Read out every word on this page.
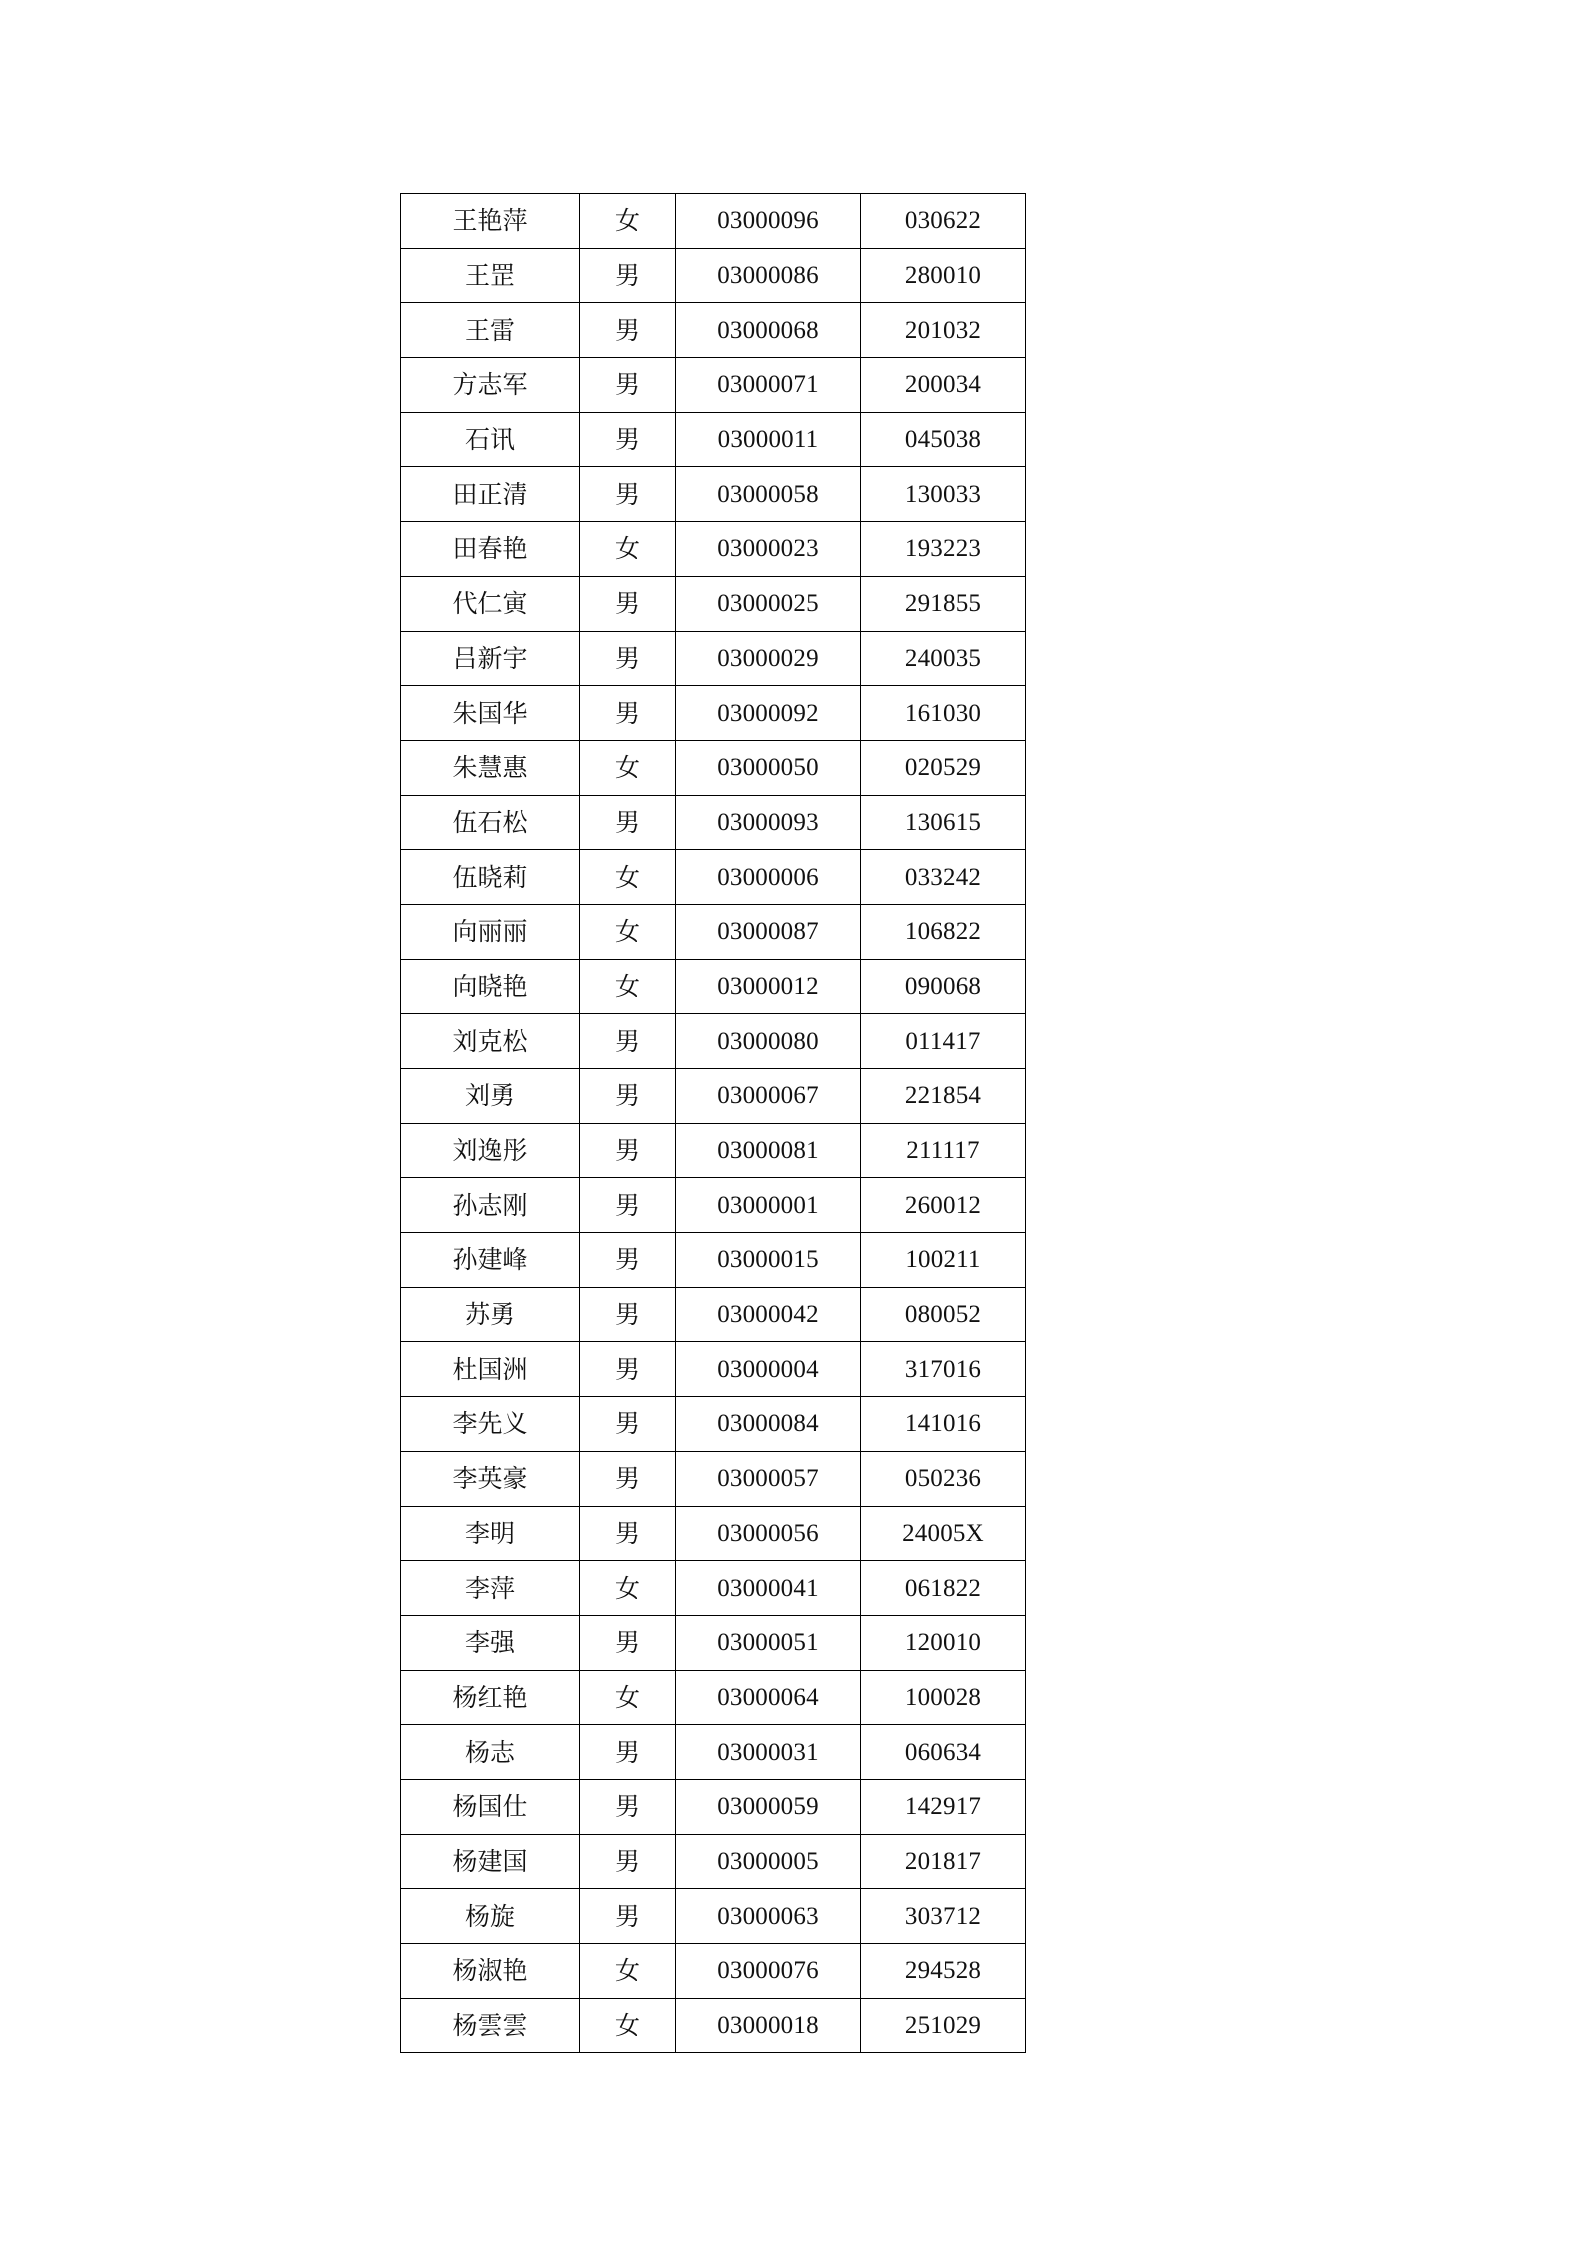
王艳萍	女	03000096	030622
王罡	男	03000086	280010
王雷	男	03000068	201032
方志军	男	03000071	200034
石讯	男	03000011	045038
田正清	男	03000058	130033
田春艳	女	03000023	193223
代仁寅	男	03000025	291855
吕新宇	男	03000029	240035
朱国华	男	03000092	161030
朱慧惠	女	03000050	020529
伍石松	男	03000093	130615
伍晓莉	女	03000006	033242
向丽丽	女	03000087	106822
向晓艳	女	03000012	090068
刘克松	男	03000080	011417
刘勇	男	03000067	221854
刘逸彤	男	03000081	211117
孙志刚	男	03000001	260012
孙建峰	男	03000015	100211
苏勇	男	03000042	080052
杜国洲	男	03000004	317016
李先义	男	03000084	141016
李英豪	男	03000057	050236
李明	男	03000056	24005X
李萍	女	03000041	061822
李强	男	03000051	120010
杨红艳	女	03000064	100028
杨志	男	03000031	060634
杨国仕	男	03000059	142917
杨建国	男	03000005	201817
杨旋	男	03000063	303712
杨淑艳	女	03000076	294528
杨雲雲	女	03000018	251029
